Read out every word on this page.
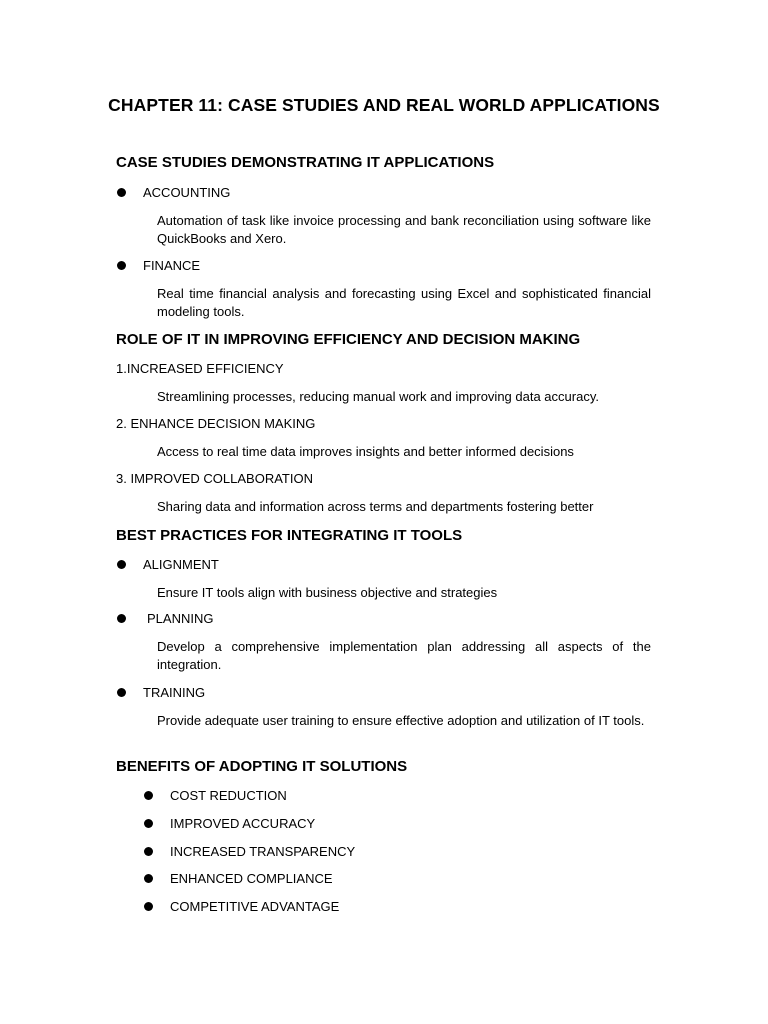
CHAPTER 11: CASE STUDIES AND REAL WORLD APPLICATIONS
CASE STUDIES DEMONSTRATING IT APPLICATIONS
ACCOUNTING
Automation of task like invoice processing and bank reconciliation using software like QuickBooks and Xero.
FINANCE
Real time financial analysis and forecasting using Excel and sophisticated financial modeling tools.
ROLE OF IT IN IMPROVING EFFICIENCY AND DECISION MAKING
1.INCREASED EFFICIENCY
Streamlining processes, reducing manual work and improving data accuracy.
2. ENHANCE DECISION MAKING
Access to real time data improves insights and better informed decisions
3. IMPROVED COLLABORATION
Sharing data and information across terms and departments fostering better
BEST PRACTICES FOR INTEGRATING IT TOOLS
ALIGNMENT
Ensure IT tools align with business objective and strategies
PLANNING
Develop a comprehensive implementation plan addressing all aspects of the integration.
TRAINING
Provide adequate user training to ensure effective adoption and utilization of IT tools.
BENEFITS OF ADOPTING IT SOLUTIONS
COST REDUCTION
IMPROVED ACCURACY
INCREASED TRANSPARENCY
ENHANCED COMPLIANCE
COMPETITIVE ADVANTAGE
